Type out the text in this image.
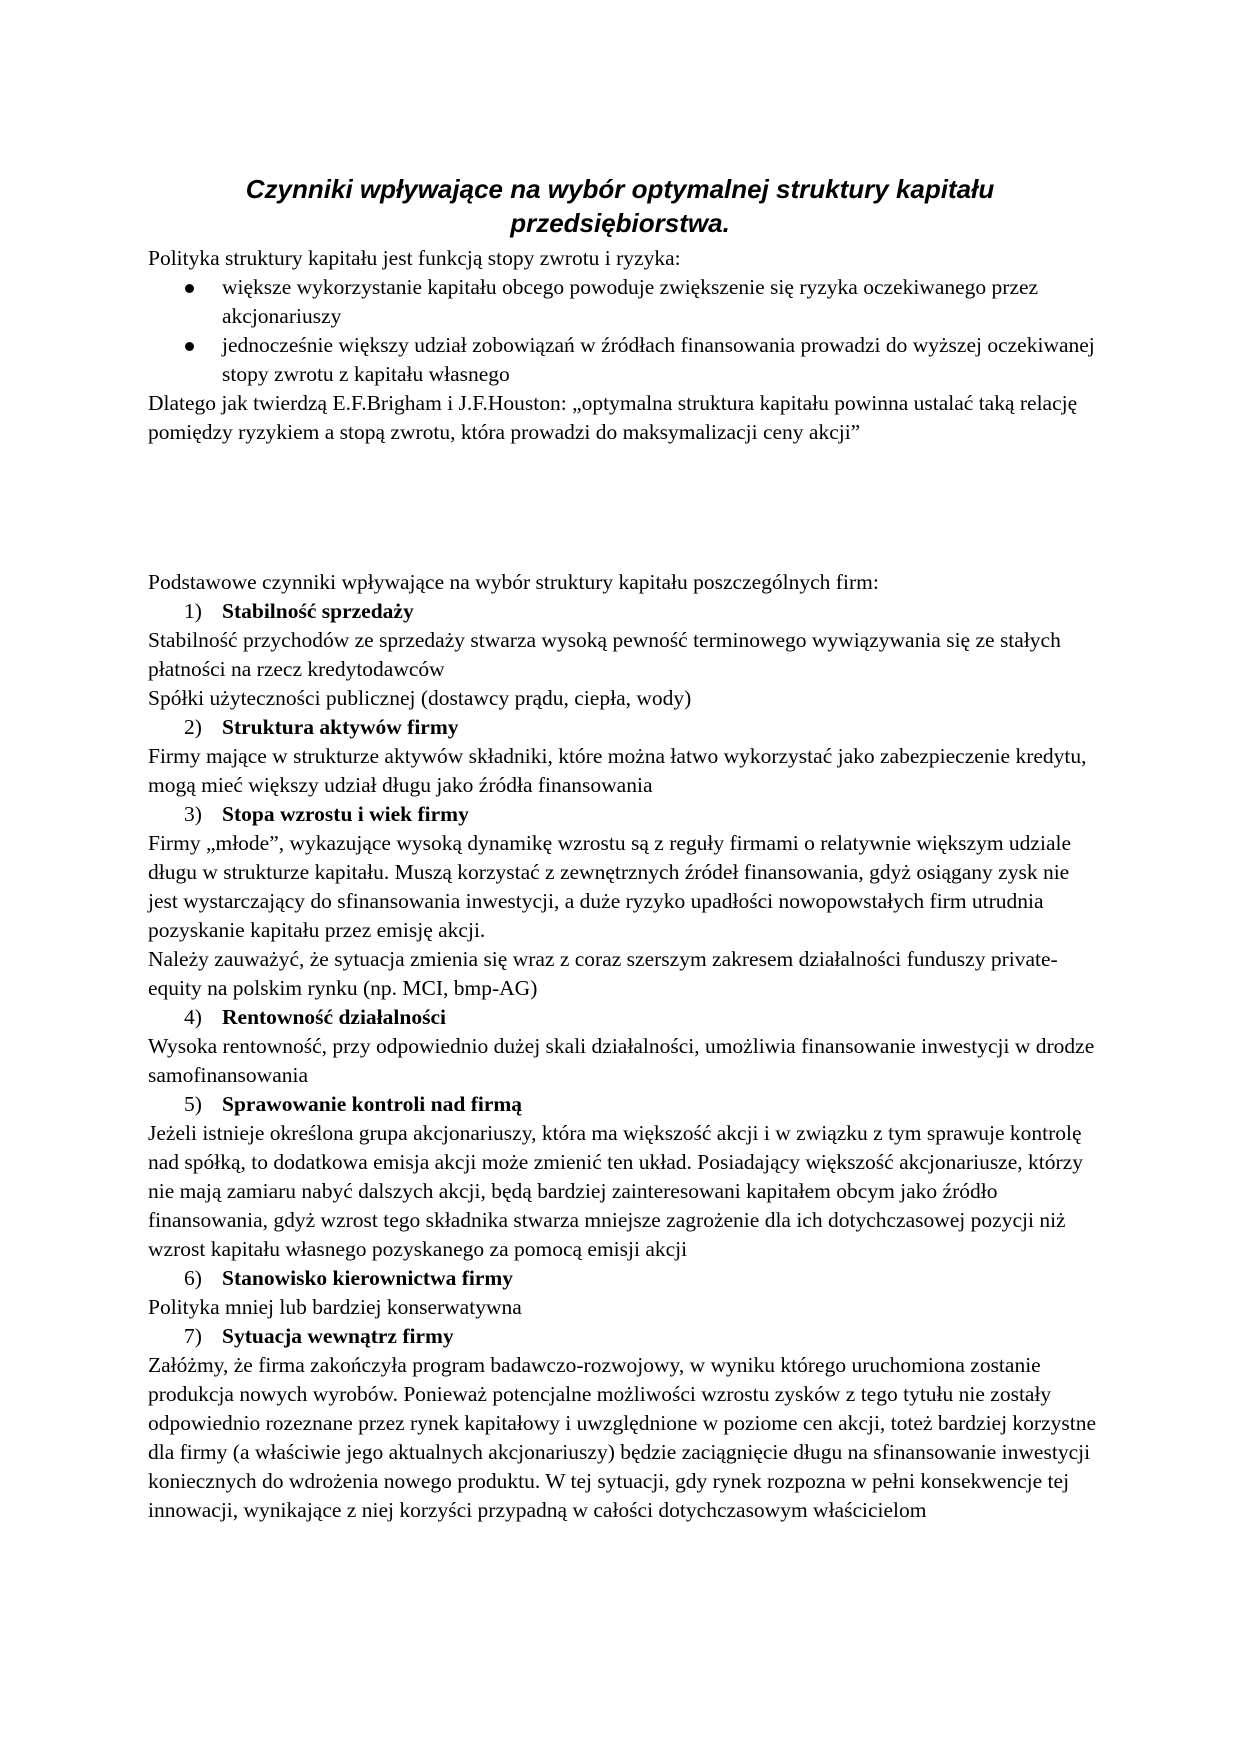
Czynniki wpływające na wybór optymalnej struktury kapitału przedsiębiorstwa.

Polityka struktury kapitału jest funkcją stopy zwrotu i ryzyka:

większe wykorzystanie kapitału obcego powoduje zwiększenie się ryzyka oczekiwanego przez akcjonariuszy
jednocześnie większy udział zobowiązań w źródłach finansowania prowadzi do wyższej oczekiwanej stopy zwrotu z kapitału własnego

Dlatego jak twierdzą E.F.Brigham i J.F.Houston: „optymalna struktura kapitału powinna ustalać taką relację pomiędzy ryzykiem a stopą zwrotu, która prowadzi do maksymalizacji ceny akcji”

Podstawowe czynniki wpływające na wybór struktury kapitału poszczególnych firm:

1) Stabilność sprzedaży

Stabilność przychodów ze sprzedaży stwarza wysoką pewność terminowego wywiązywania się ze stałych płatności na rzecz kredytodawców

Spółki użyteczności publicznej (dostawcy prądu, ciepła, wody)

2) Struktura aktywów firmy

Firmy mające w strukturze aktywów składniki, które można łatwo wykorzystać jako zabezpieczenie kredytu, mogą mieć większy udział długu jako źródła finansowania

3) Stopa wzrostu i wiek firmy

Firmy „młode”, wykazujące wysoką dynamikę wzrostu są z reguły firmami o relatywnie większym udziale długu w strukturze kapitału. Muszą korzystać z zewnętrznych źródeł finansowania, gdyż osiągany zysk nie jest wystarczający do sfinansowania inwestycji, a duże ryzyko upadłości nowopowstałych firm utrudnia pozyskanie kapitału przez emisję akcji.

Należy zauważyć, że sytuacja zmienia się wraz z coraz szerszym zakresem działalności funduszy private-equity na polskim rynku (np. MCI, bmp-AG)

4) Rentowność działalności

Wysoka rentowność, przy odpowiednio dużej skali działalności, umożliwia finansowanie inwestycji w drodze samofinansowania

5) Sprawowanie kontroli nad firmą

Jeżeli istnieje określona grupa akcjonariuszy, która ma większość akcji i w związku z tym sprawuje kontrolę nad spółką, to dodatkowa emisja akcji może zmienić ten układ. Posiadający większość akcjonariusze, którzy nie mają zamiaru nabyć dalszych akcji, będą bardziej zainteresowani kapitałem obcym jako źródło finansowania, gdyż wzrost tego składnika stwarza mniejsze zagrożenie dla ich dotychczasowej pozycji niż wzrost kapitału własnego pozyskanego za pomocą emisji akcji

6) Stanowisko kierownictwa firmy

Polityka mniej lub bardziej konserwatywna

7) Sytuacja wewnątrz firmy

Załóżmy, że firma zakończyła program badawczo-rozwojowy, w wyniku którego uruchomiona zostanie produkcja nowych wyrobów. Ponieważ potencjalne możliwości wzrostu zysków z tego tytułu nie zostały odpowiednio rozeznane przez rynek kapitałowy i uwzględnione w poziome cen akcji, toteż bardziej korzystne dla firmy (a właściwie jego aktualnych akcjonariuszy) będzie zaciągnięcie długu na sfinansowanie inwestycji koniecznych do wdrożenia nowego produktu. W tej sytuacji, gdy rynek rozpozna w pełni konsekwencje tej innowacji, wynikające z niej korzyści przypadną w całości dotychczasowym właścicielom
